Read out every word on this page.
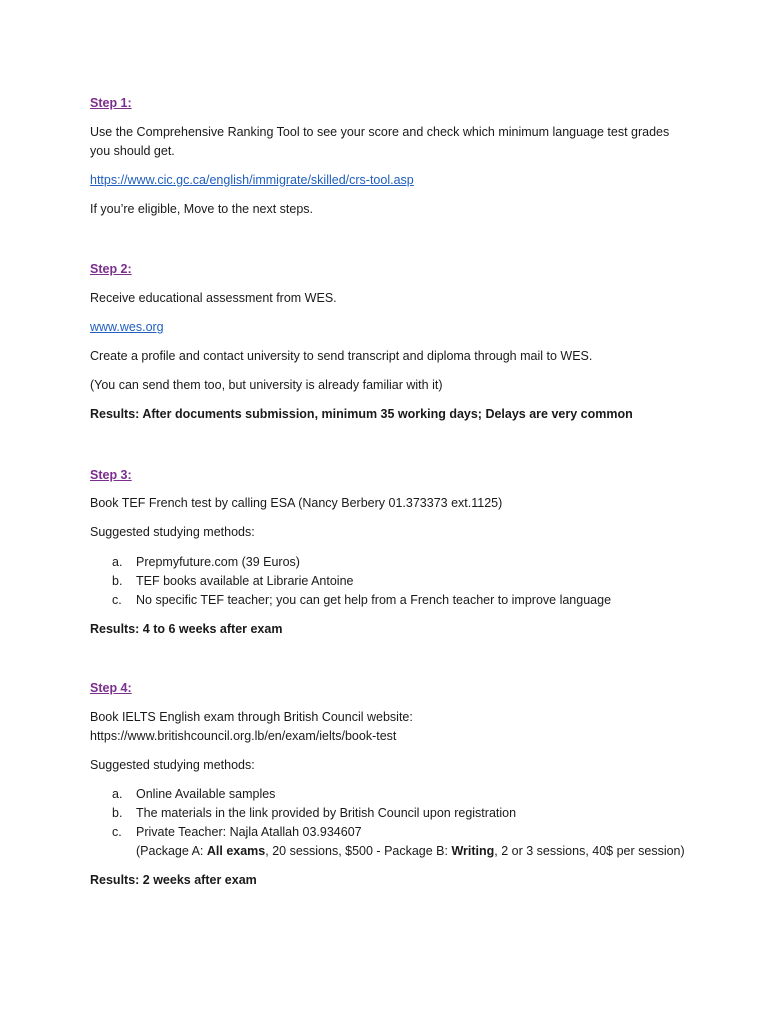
Step 1:
Use the Comprehensive Ranking Tool to see your score and check which minimum language test grades
you should get.
https://www.cic.gc.ca/english/immigrate/skilled/crs-tool.asp
If you’re eligible, Move to the next steps.
Step 2:
Receive educational assessment from WES.
www.wes.org
Create a profile and contact university to send transcript and diploma through mail to WES.
(You can send them too, but university is already familiar with it)
Results: After documents submission, minimum 35 working days; Delays are very common
Step 3:
Book TEF French test by calling ESA (Nancy Berbery 01.373373 ext.1125)
Suggested studying methods:
a. Prepmyfuture.com (39 Euros)
b. TEF books available at Librarie Antoine
c. No specific TEF teacher; you can get help from a French teacher to improve language
Results: 4 to 6 weeks after exam
Step 4:
Book IELTS English exam through British Council website:
https://www.britishcouncil.org.lb/en/exam/ielts/book-test
Suggested studying methods:
a. Online Available samples
b. The materials in the link provided by British Council upon registration
c. Private Teacher: Najla Atallah 03.934607
(Package A: All exams, 20 sessions, $500 - Package B: Writing, 2 or 3 sessions, 40$ per session)
Results: 2 weeks after exam
